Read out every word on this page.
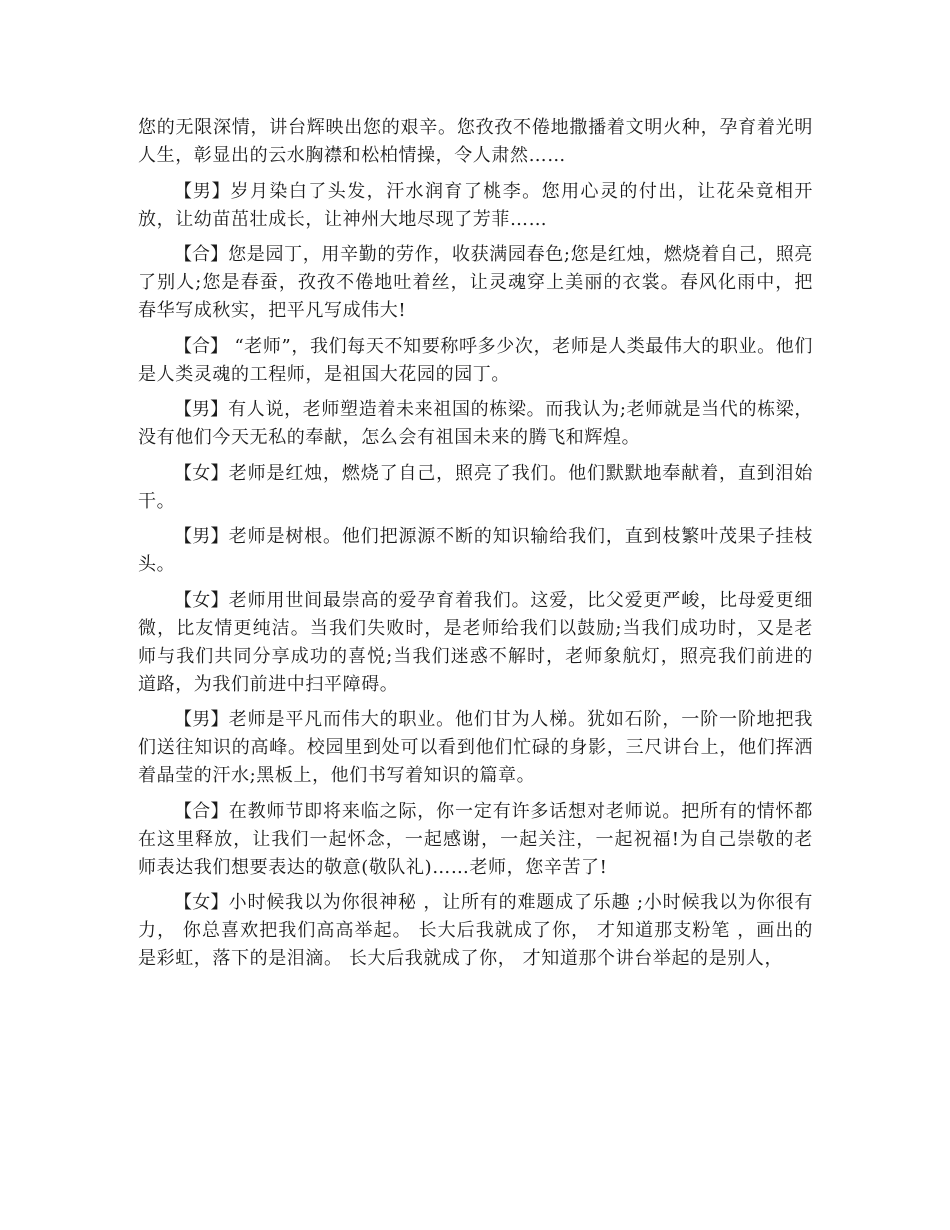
您的无限深情，讲台辉映出您的艰辛。您孜孜不倦地撒播着文明火种，孕育着光明人生，彰显出的云水胸襟和松柏情操，令人肃然……

【男】岁月染白了头发，汗水润育了桃李。您用心灵的付出，让花朵竟相开放，让幼苗茁壮成长，让神州大地尽现了芳菲……

【合】您是园丁，用辛勤的劳作，收获满园春色;您是红烛，燃烧着自己，照亮了别人;您是春蚕，孜孜不倦地吐着丝，让灵魂穿上美丽的衣裳。春风化雨中，把春华写成秋实，把平凡写成伟大!

【合】 “老师”，我们每天不知要称呼多少次，老师是人类最伟大的职业。他们是人类灵魂的工程师，是祖国大花园的园丁。

【男】有人说，老师塑造着未来祖国的栋梁。而我认为;老师就是当代的栋梁，没有他们今天无私的奉献，怎么会有祖国未来的腾飞和辉煌。

【女】老师是红烛，燃烧了自己，照亮了我们。他们默默地奉献着，直到泪始干。

【男】老师是树根。他们把源源不断的知识输给我们，直到枝繁叶茂果子挂枝头。

【女】老师用世间最崇高的爱孕育着我们。这爱，比父爱更严峻，比母爱更细微，比友情更纯洁。当我们失败时，是老师给我们以鼓励;当我们成功时，又是老师与我们共同分享成功的喜悦;当我们迷惑不解时，老师象航灯，照亮我们前进的道路，为我们前进中扫平障碍。

【男】老师是平凡而伟大的职业。他们甘为人梯。犹如石阶，一阶一阶地把我们送往知识的高峰。校园里到处可以看到他们忙碌的身影，三尺讲台上，他们挥洒着晶莹的汗水;黑板上，他们书写着知识的篇章。

【合】在教师节即将来临之际，你一定有许多话想对老师说。把所有的情怀都在这里释放，让我们一起怀念，一起感谢，一起关注，一起祝福!为自己崇敬的老师表达我们想要表达的敬意(敬队礼)……老师，您辛苦了!

【女】小时候我以为你很神秘 ，让所有的难题成了乐趣 ;小时候我以为你很有力， 你总喜欢把我们高高举起。 长大后我就成了你， 才知道那支粉笔 ，画出的是彩虹，落下的是泪滴。 长大后我就成了你， 才知道那个讲台举起的是别人，
